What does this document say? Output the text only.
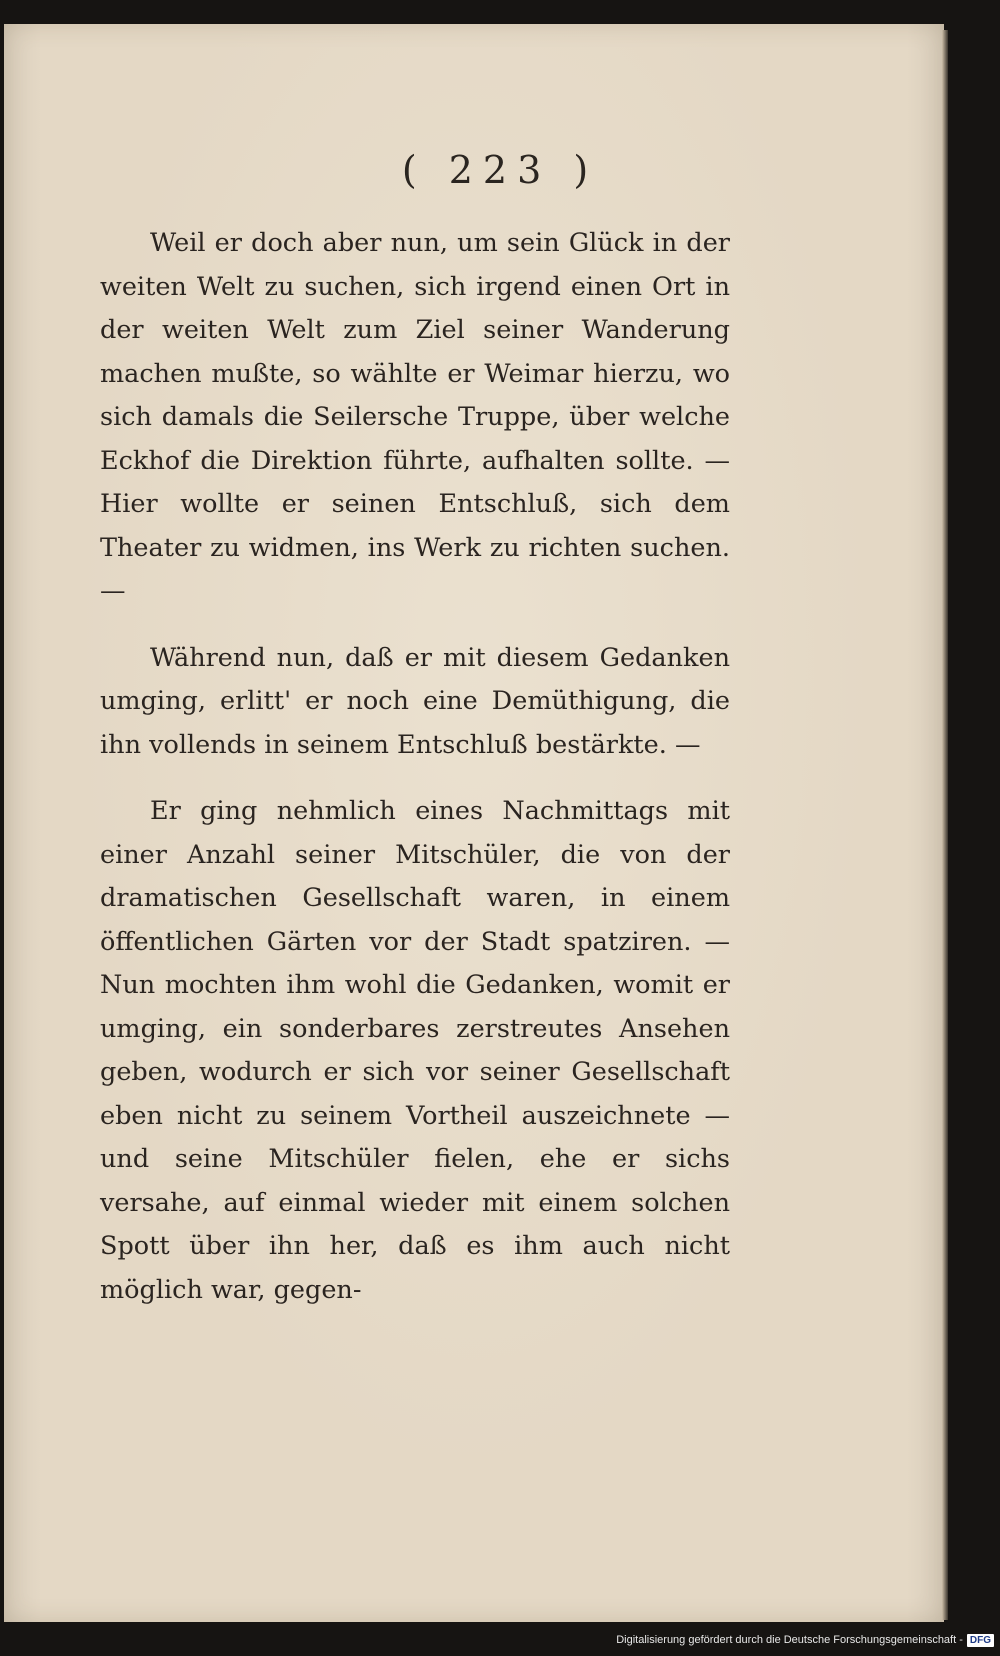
( 223 )

Weil er doch aber nun, um sein Glück in der weiten Welt zu suchen, sich irgend einen Ort in der weiten Welt zum Ziel seiner Wanderung machen mußte, so wählte er Weimar hierzu, wo sich damals die Seilersche Truppe, über welche Eckhof die Direktion führte, aufhalten sollte. — Hier wollte er seinen Entschluß, sich dem Theater zu widmen, ins Werk zu richten suchen. —

Während nun, daß er mit diesem Gedanken umging, erlitt' er noch eine Demüthigung, die ihn vollends in seinem Entschluß bestärkte. —

Er ging nehmlich eines Nachmittags mit einer Anzahl seiner Mitschüler, die von der dramatischen Gesellschaft waren, in einem öffentlichen Gärten vor der Stadt spatziren. — Nun mochten ihm wohl die Gedanken, womit er umging, ein sonderbares zerstreutes Ansehen geben, wodurch er sich vor seiner Gesellschaft eben nicht zu seinem Vortheil auszeichnete — und seine Mitschüler fielen, ehe er sichs versahe, auf einmal wieder mit einem solchen Spott über ihn her, daß es ihm auch nicht möglich war, gegen-

Digitalisierung gefördert durch die Deutsche Forschungsgemeinschaft - DFG
